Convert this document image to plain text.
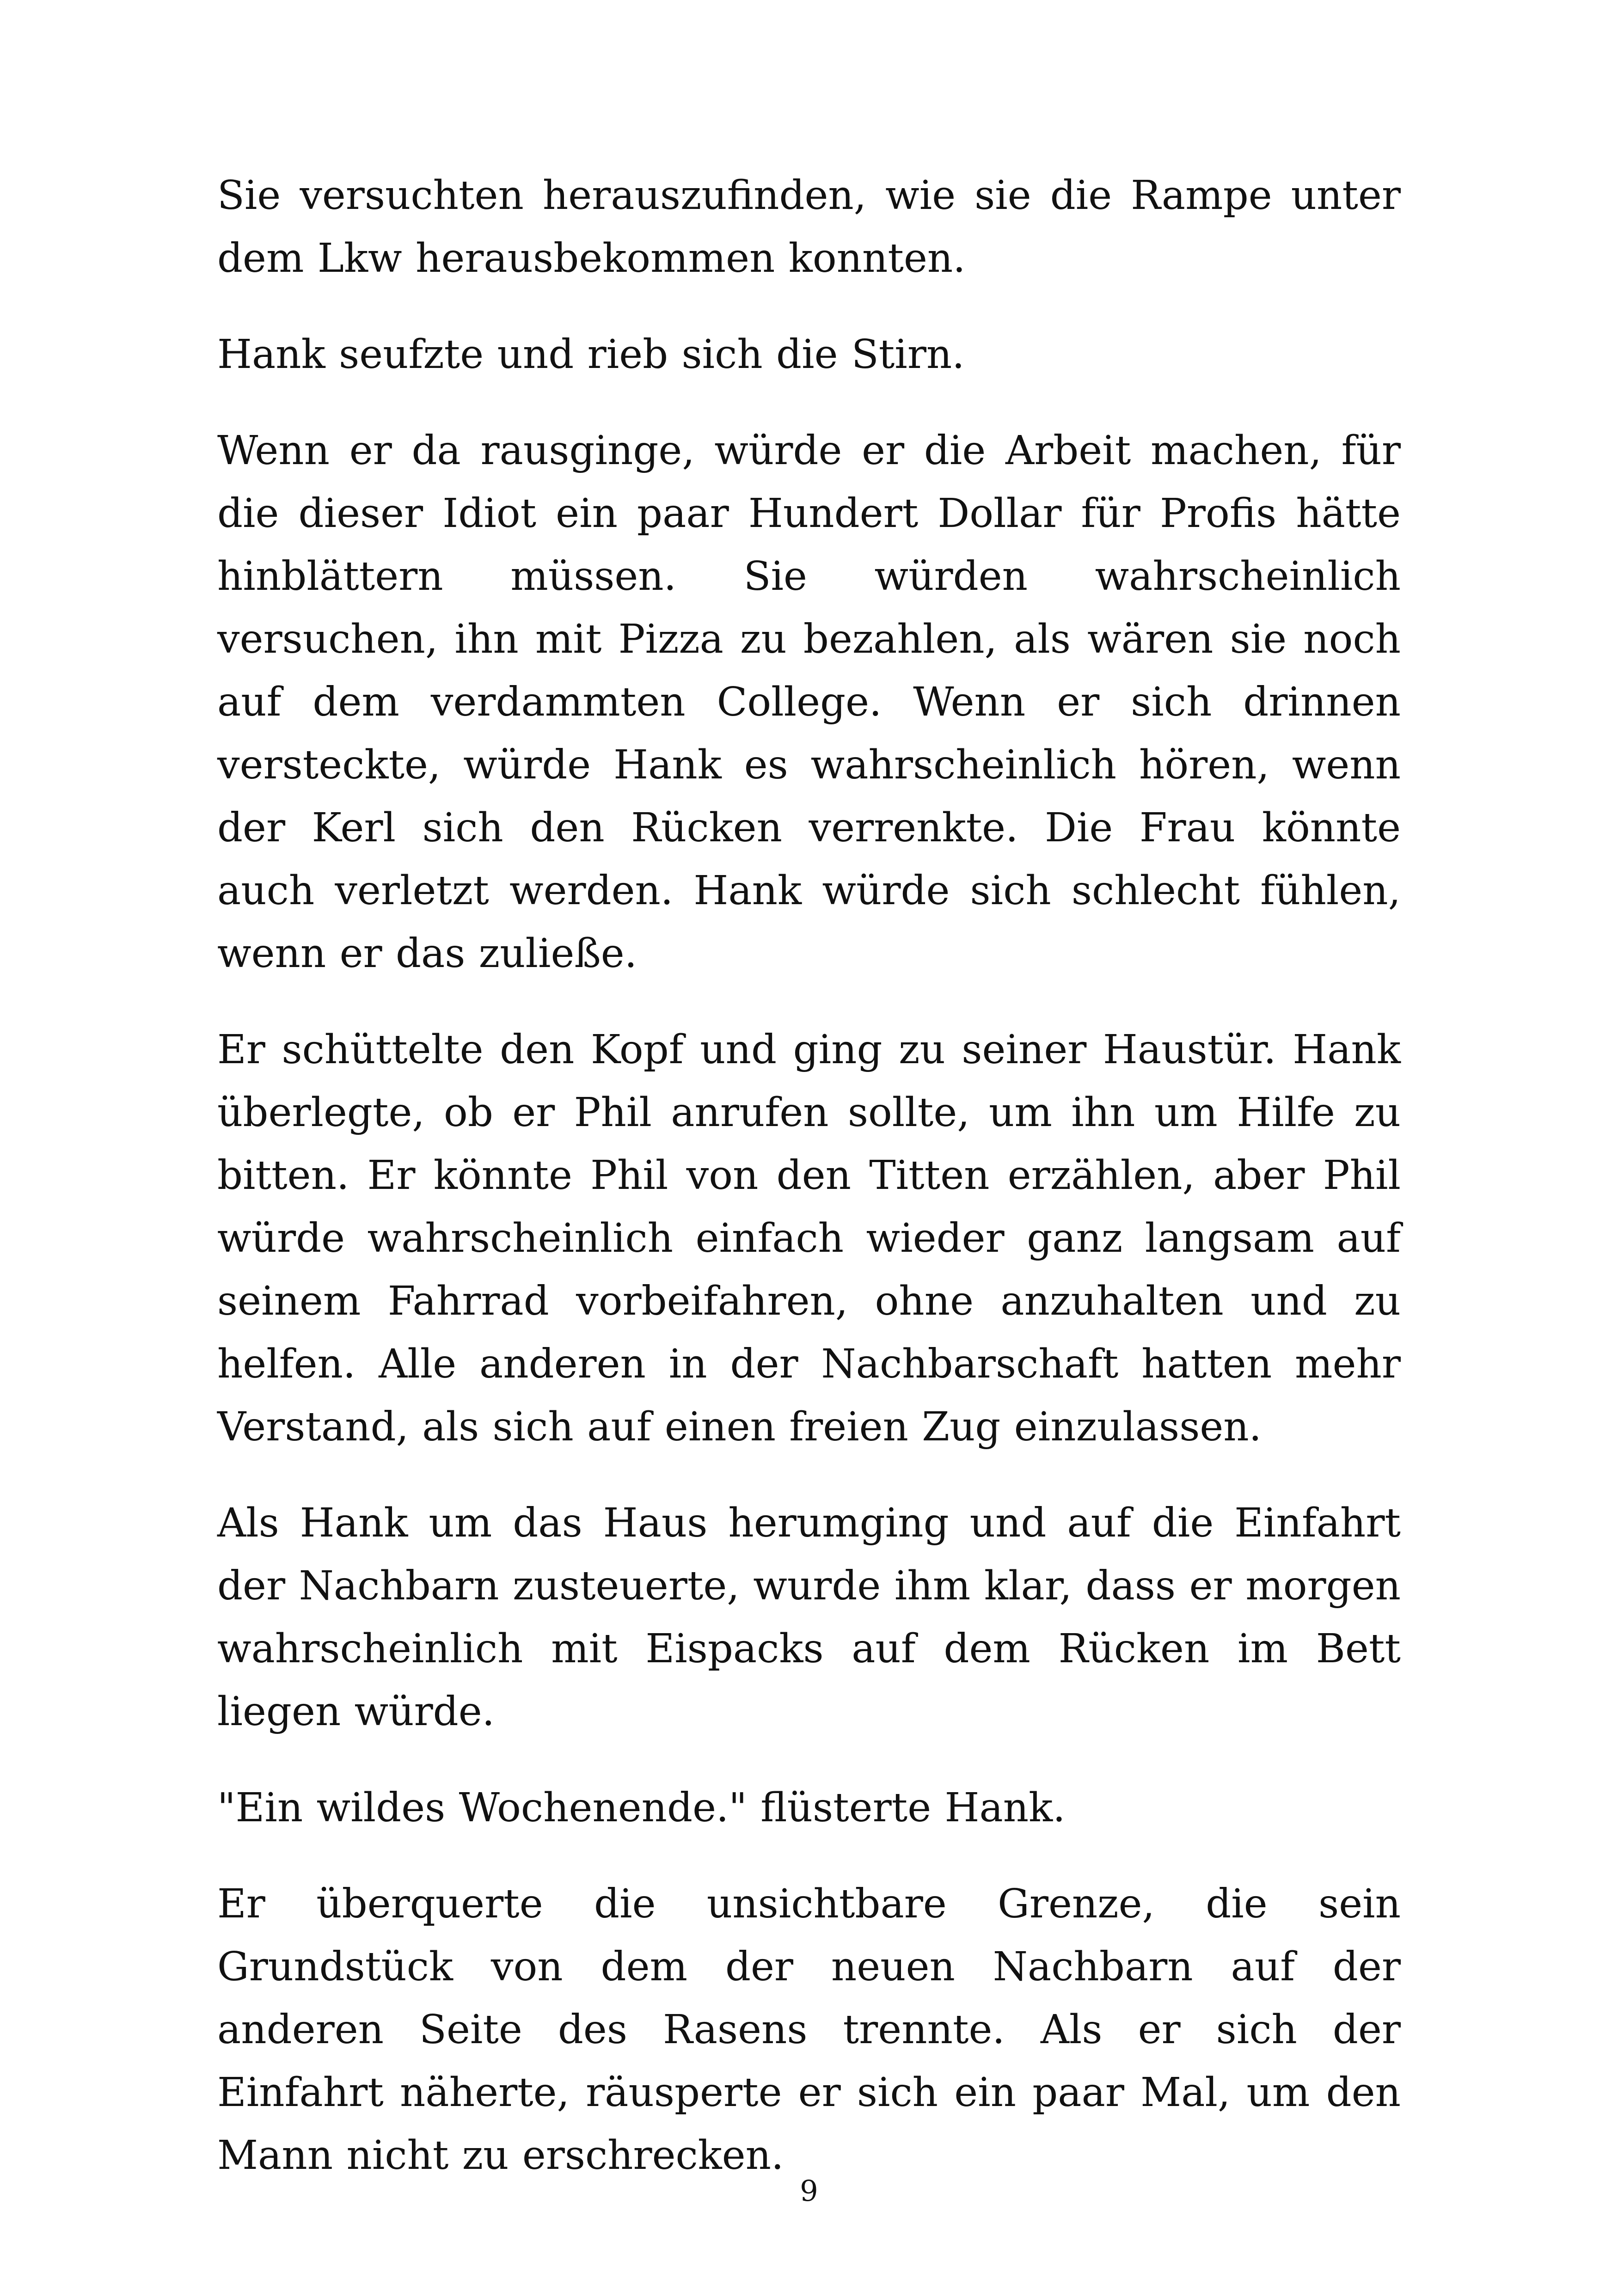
Sie versuchten herauszufinden, wie sie die Rampe unter dem Lkw herausbekommen konnten.

Hank seufzte und rieb sich die Stirn.

Wenn er da rausginge, würde er die Arbeit machen, für die dieser Idiot ein paar Hundert Dollar für Profis hätte hinblättern müssen. Sie würden wahrscheinlich versuchen, ihn mit Pizza zu bezahlen, als wären sie noch auf dem verdammten College. Wenn er sich drinnen versteckte, würde Hank es wahrscheinlich hören, wenn der Kerl sich den Rücken verrenkte. Die Frau könnte auch verletzt werden. Hank würde sich schlecht fühlen, wenn er das zuließe.

Er schüttelte den Kopf und ging zu seiner Haustür. Hank überlegte, ob er Phil anrufen sollte, um ihn um Hilfe zu bitten. Er könnte Phil von den Titten erzählen, aber Phil würde wahrscheinlich einfach wieder ganz langsam auf seinem Fahrrad vorbeifahren, ohne anzuhalten und zu helfen. Alle anderen in der Nachbarschaft hatten mehr Verstand, als sich auf einen freien Zug einzulassen.

Als Hank um das Haus herumging und auf die Einfahrt der Nachbarn zusteuerte, wurde ihm klar, dass er morgen wahrscheinlich mit Eispacks auf dem Rücken im Bett liegen würde.

"Ein wildes Wochenende." flüsterte Hank.

Er überquerte die unsichtbare Grenze, die sein Grundstück von dem der neuen Nachbarn auf der anderen Seite des Rasens trennte. Als er sich der Einfahrt näherte, räusperte er sich ein paar Mal, um den Mann nicht zu erschrecken.

9
